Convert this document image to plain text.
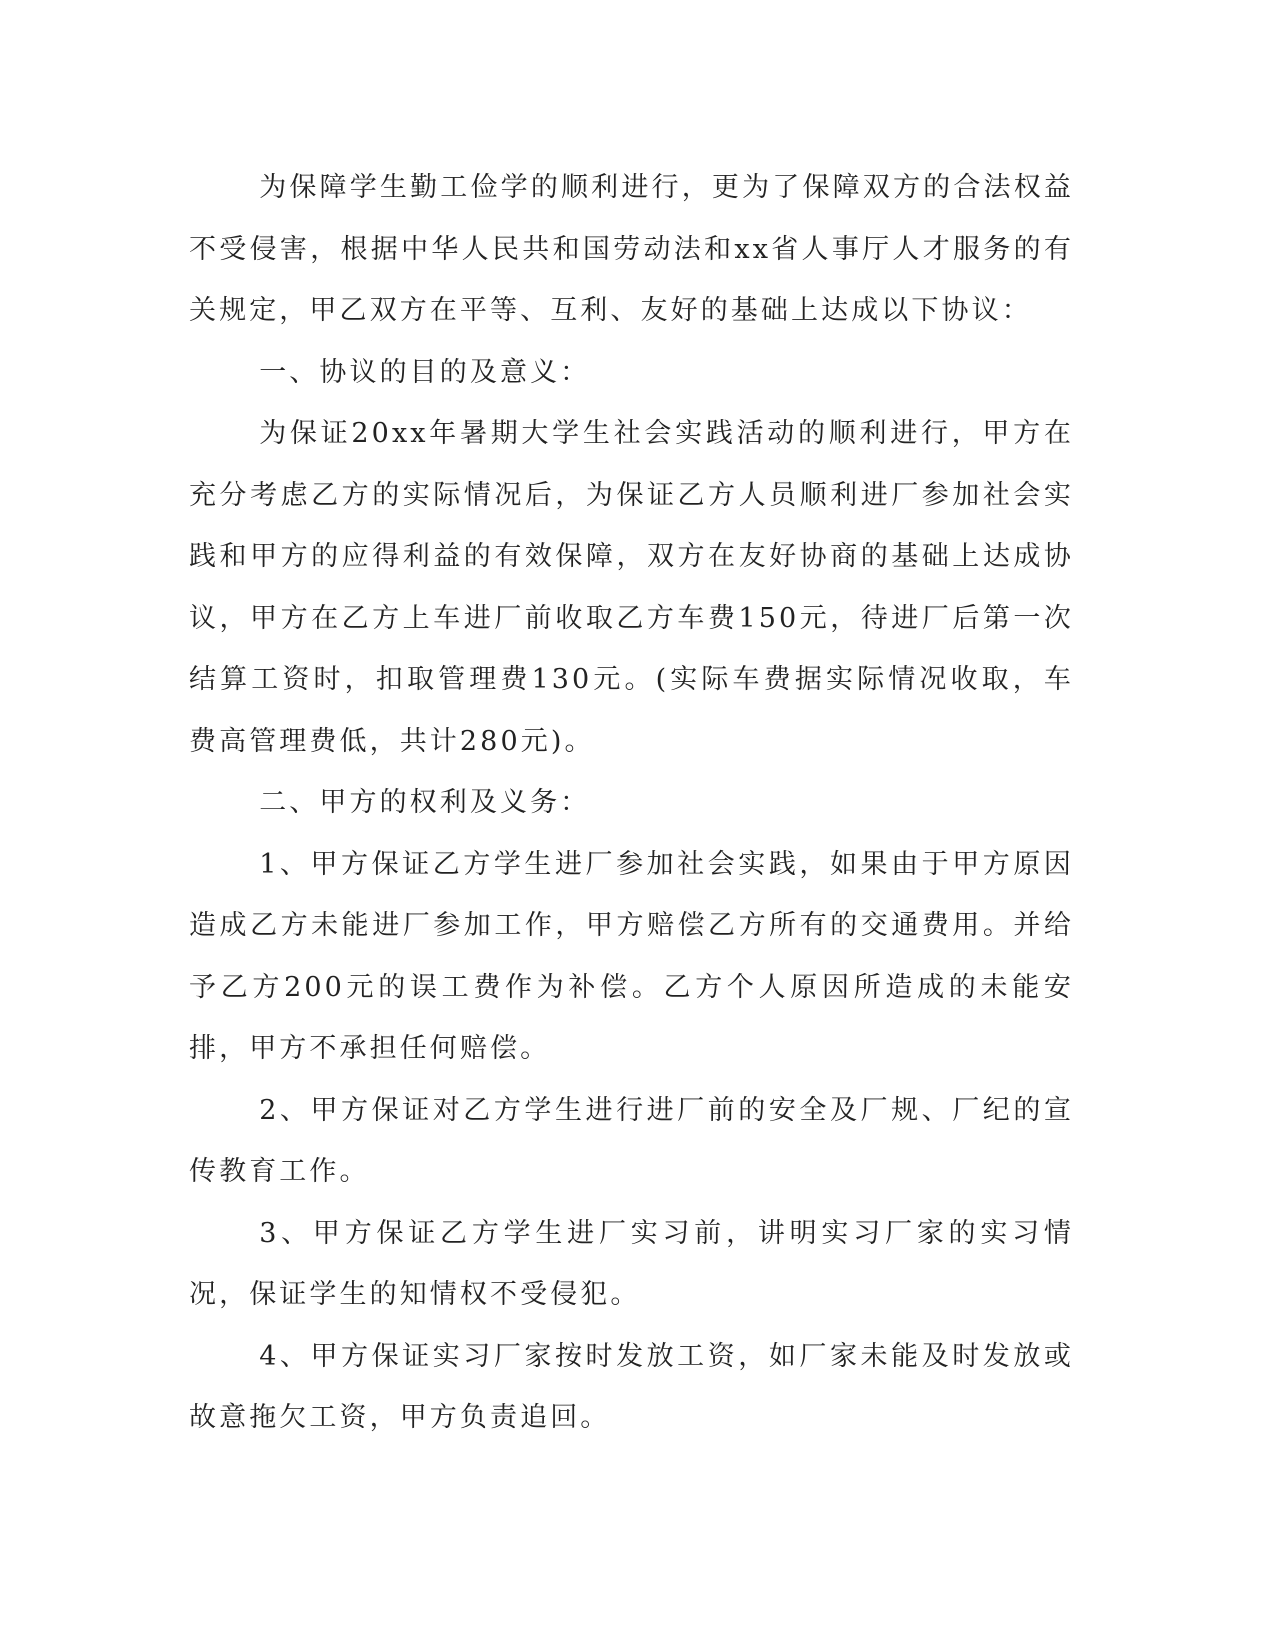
为保障学生勤工俭学的顺利进行，更为了保障双方的合法权益不受侵害，根据中华人民共和国劳动法和xx省人事厅人才服务的有关规定，甲乙双方在平等、互利、友好的基础上达成以下协议：

一、协议的目的及意义：

为保证20xx年暑期大学生社会实践活动的顺利进行，甲方在充分考虑乙方的实际情况后，为保证乙方人员顺利进厂参加社会实践和甲方的应得利益的有效保障，双方在友好协商的基础上达成协议，甲方在乙方上车进厂前收取乙方车费150元，待进厂后第一次结算工资时，扣取管理费130元。(实际车费据实际情况收取，车费高管理费低，共计280元)。

二、甲方的权利及义务：

1、甲方保证乙方学生进厂参加社会实践，如果由于甲方原因造成乙方未能进厂参加工作，甲方赔偿乙方所有的交通费用。并给予乙方200元的误工费作为补偿。乙方个人原因所造成的未能安排，甲方不承担任何赔偿。

2、甲方保证对乙方学生进行进厂前的安全及厂规、厂纪的宣传教育工作。

3、甲方保证乙方学生进厂实习前，讲明实习厂家的实习情况，保证学生的知情权不受侵犯。

4、甲方保证实习厂家按时发放工资，如厂家未能及时发放或故意拖欠工资，甲方负责追回。
